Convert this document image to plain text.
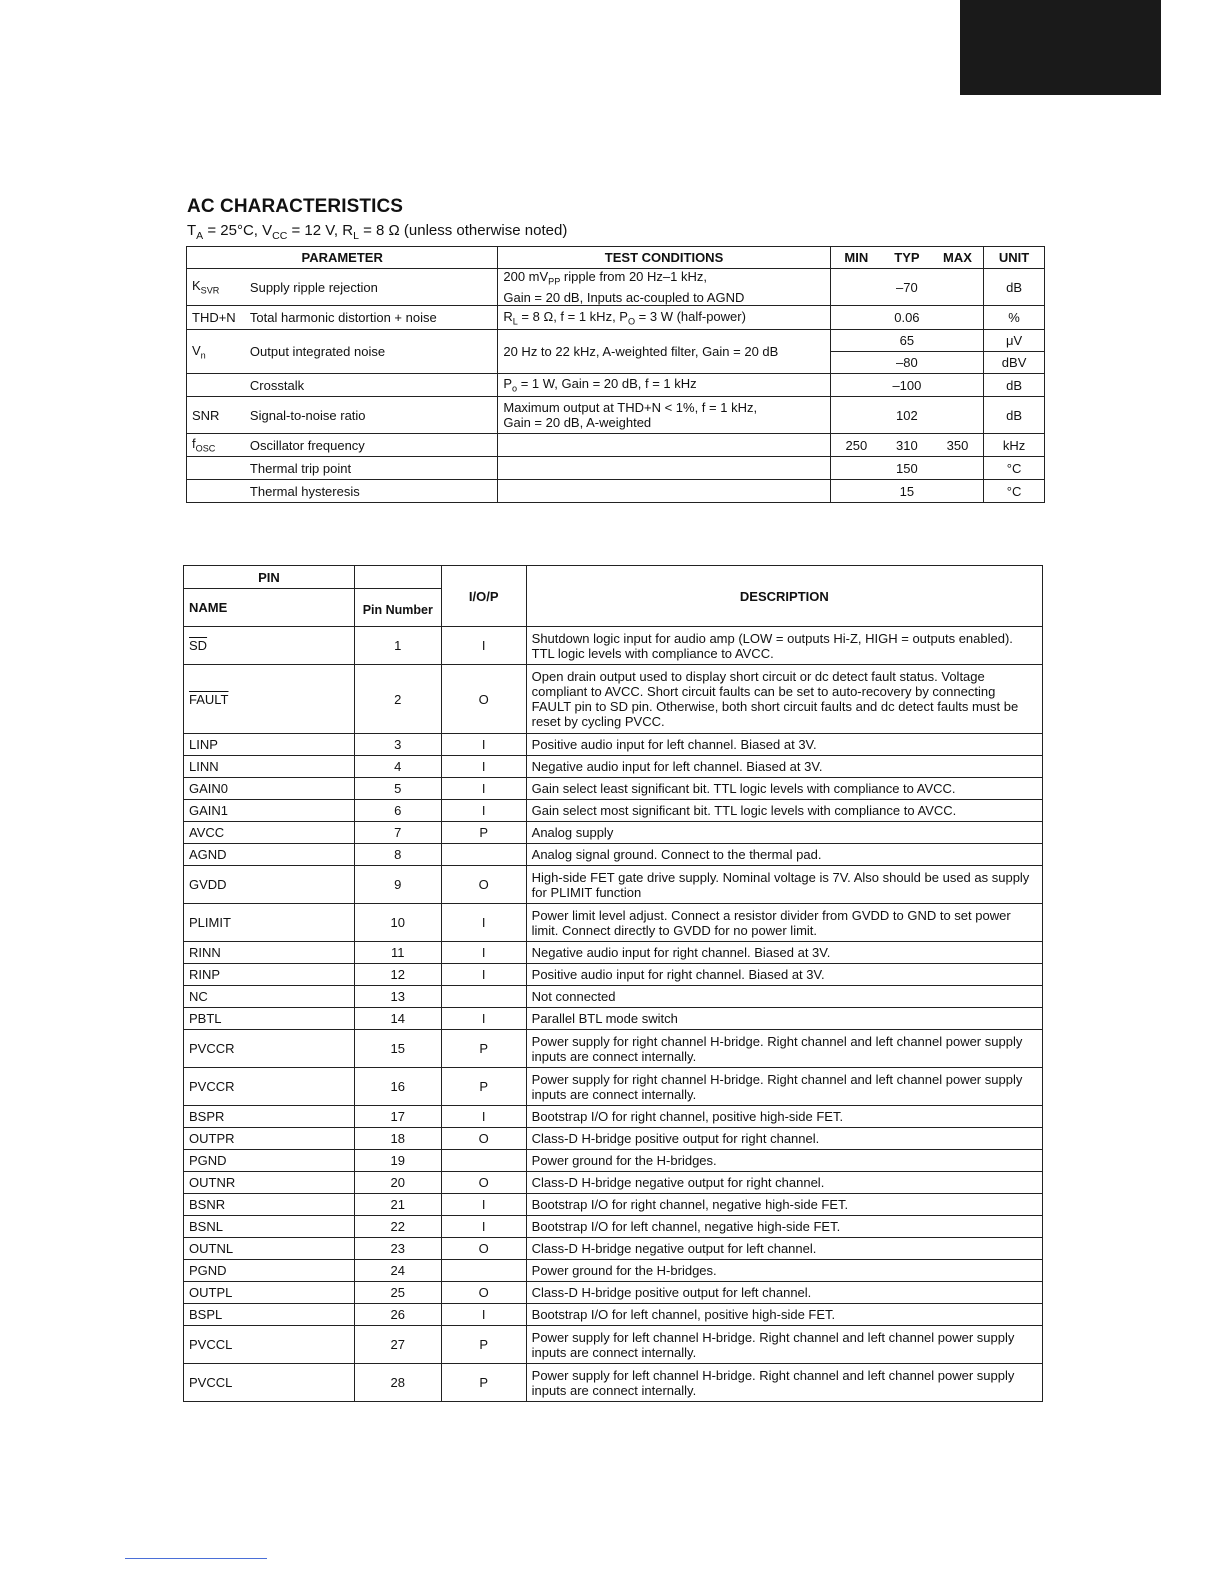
AC CHARACTERISTICS
$T_A = 25^\circ C$, $V_{CC} = 12$ V, $R_L = 8$ Ω (unless otherwise noted)
PARAMETER		TEST CONDITIONS	MIN	TYP	MAX	UNIT
$K_{SVR}$	Supply ripple rejection	200 $mV_{PP}$ ripple from 20 Hz–1 kHz,
Gain = 20 dB, Inputs ac-coupled to AGND		–70		dB
THD+N	Total harmonic distortion + noise	$R_L = 8$ Ω, f = 1 kHz, $P_O = 3$ W (half-power)		0.06		%
$V_n$	Output integrated noise	20 Hz to 22 kHz, A-weighted filter, Gain = 20 dB		65		μV
				–80		dBV
	Crosstalk	$P_o = 1$ W, Gain = 20 dB, f = 1 kHz		–100		dB
SNR	Signal-to-noise ratio	Maximum output at THD+N < 1%, f = 1 kHz,
Gain = 20 dB, A-weighted		102		dB
$f_{OSC}$	Oscillator frequency		250	310	350	kHz
	Thermal trip point			150		°C
	Thermal hysteresis			15		°C
PIN		I/O/P	DESCRIPTION
NAME	Pin Number		
$\overline{SD}$	1	I	Shutdown logic input for audio amp (LOW = outputs Hi-Z, HIGH = outputs enabled). TTL logic levels with compliance to AVCC.
FAULT	2	O	Open drain output used to display short circuit or dc detect fault status. Voltage compliant to AVCC. Short circuit faults can be set to auto-recovery by connecting FAULT pin to SD pin. Otherwise, both short circuit faults and dc detect faults must be reset by cycling PVCC.
LINP	3	I	Positive audio input for left channel. Biased at 3V.
LINN	4	I	Negative audio input for left channel. Biased at 3V.
GAIN0	5	I	Gain select least significant bit. TTL logic levels with compliance to AVCC.
GAIN1	6	I	Gain select most significant bit. TTL logic levels with compliance to AVCC.
AVCC	7	P	Analog supply
AGND	8		Analog signal ground. Connect to the thermal pad.
GVDD	9	O	High-side FET gate drive supply. Nominal voltage is 7V. Also should be used as supply for PLIMIT function
PLIMIT	10	I	Power limit level adjust. Connect a resistor divider from GVDD to GND to set power limit. Connect directly to GVDD for no power limit.
RINN	11	I	Negative audio input for right channel. Biased at 3V.
RINP	12	I	Positive audio input for right channel. Biased at 3V.
NC	13		Not connected
PBTL	14	I	Parallel BTL mode switch
PVCCR	15	P	Power supply for right channel H-bridge. Right channel and left channel power supply inputs are connect internally.
PVCCR	16	P	Power supply for right channel H-bridge. Right channel and left channel power supply inputs are connect internally.
BSPR	17	I	Bootstrap I/O for right channel, positive high-side FET.
OUTPR	18	O	Class-D H-bridge positive output for right channel.
PGND	19		Power ground for the H-bridges.
OUTNR	20	O	Class-D H-bridge negative output for right channel.
BSNR	21	I	Bootstrap I/O for right channel, negative high-side FET.
BSNL	22	I	Bootstrap I/O for left channel, negative high-side FET.
OUTNL	23	O	Class-D H-bridge negative output for left channel.
PGND	24		Power ground for the H-bridges.
OUTPL	25	O	Class-D H-bridge positive output for left channel.
BSPL	26	I	Bootstrap I/O for left channel, positive high-side FET.
PVCCL	27	P	Power supply for left channel H-bridge. Right channel and left channel power supply inputs are connect internally.
PVCCL	28	P	Power supply for left channel H-bridge. Right channel and left channel power supply inputs are connect internally.
